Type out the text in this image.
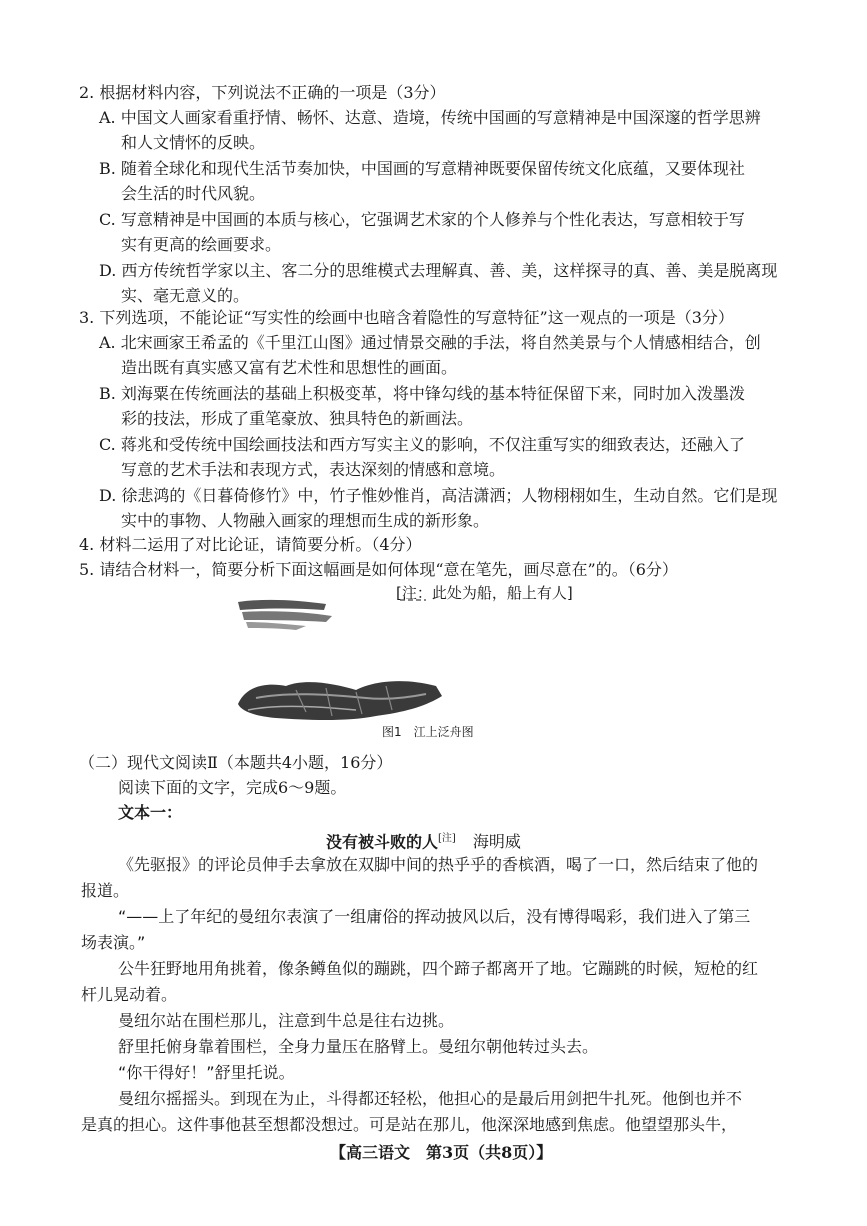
2. 根据材料内容，下列说法不正确的一项是（3分）
A. 中国文人画家看重抒情、畅怀、达意、造境，传统中国画的写意精神是中国深邃的哲学思辨
和人文情怀的反映。
B. 随着全球化和现代生活节奏加快，中国画的写意精神既要保留传统文化底蕴，又要体现社
会生活的时代风貌。
C. 写意精神是中国画的本质与核心，它强调艺术家的个人修养与个性化表达，写意相较于写
实有更高的绘画要求。
D. 西方传统哲学家以主、客二分的思维模式去理解真、善、美，这样探寻的真、善、美是脱离现
实、毫无意义的。
3. 下列选项，不能论证“写实性的绘画中也暗含着隐性的写意特征”这一观点的一项是（3分）
A. 北宋画家王希孟的《千里江山图》通过情景交融的手法，将自然美景与个人情感相结合，创
造出既有真实感又富有艺术性和思想性的画面。
B. 刘海粟在传统画法的基础上积极变革，将中锋勾线的基本特征保留下来，同时加入泼墨泼
彩的技法，形成了重笔豪放、独具特色的新画法。
C. 蒋兆和受传统中国绘画技法和西方写实主义的影响，不仅注重写实的细致表达，还融入了
写意的艺术手法和表现方式，表达深刻的情感和意境。
D. 徐悲鸿的《日暮倚修竹》中，竹子惟妙惟肖，高洁潇洒；人物栩栩如生，生动自然。它们是现
实中的事物、人物融入画家的理想而生成的新形象。
4. 材料二运用了对比论证，请简要分析。（4分）
5. 请结合材料一，简要分析下面这幅画是如何体现“意在笔先，画尽意在”的。（6分）
[注：此处为船，船上有人]
图1　江上泛舟图
（二）现代文阅读Ⅱ（本题共4小题，16分）
阅读下面的文字，完成6～9题。
文本一：
没有被斗败的人[注] 海明威
《先驱报》的评论员伸手去拿放在双脚中间的热乎乎的香槟酒，喝了一口，然后结束了他的
报道。
“——上了年纪的曼纽尔表演了一组庸俗的挥动披风以后，没有博得喝彩，我们进入了第三
场表演。”
公牛狂野地用角挑着，像条鳟鱼似的蹦跳，四个蹄子都离开了地。它蹦跳的时候，短枪的红
杆儿晃动着。
曼纽尔站在围栏那儿，注意到牛总是往右边挑。
舒里托俯身靠着围栏，全身力量压在胳臂上。曼纽尔朝他转过头去。
“你干得好！”舒里托说。
曼纽尔摇摇头。到现在为止，斗得都还轻松，他担心的是最后用剑把牛扎死。他倒也并不
是真的担心。这件事他甚至想都没想过。可是站在那儿，他深深地感到焦虑。他望望那头牛，
【高三语文　第3页（共8页）】
